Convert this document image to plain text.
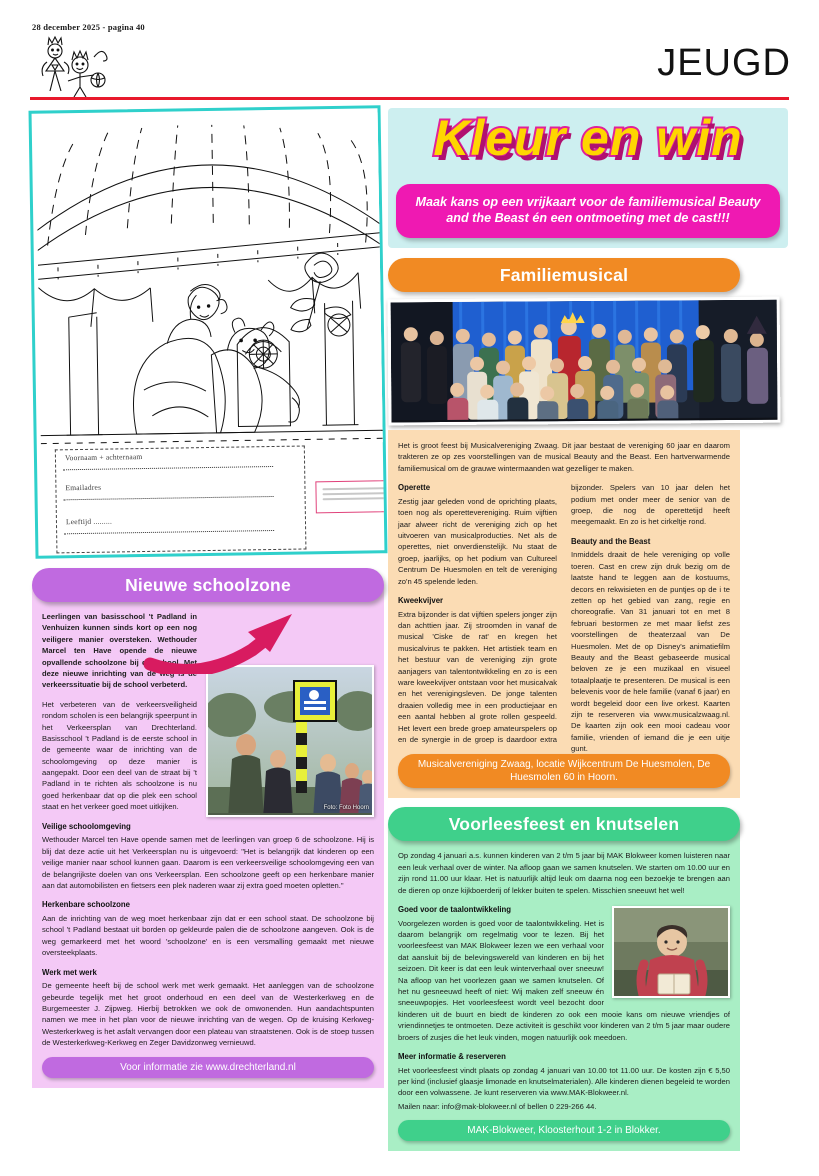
28 december 2025 - pagina 40
JEUGD
Voornaam + achternaam
Emailadres
Leeftijd .........
Nieuwe schoolzone
Foto: Foto Hoorn

Leerlingen van basisschool 't Padland in Venhuizen kunnen sinds kort op een nog veiligere manier oversteken. Wethouder Marcel ten Have opende de nieuwe opvallende schoolzone bij de school. Met deze nieuwe inrichting van de weg is de verkeerssituatie bij de school verbeterd.

Het verbeteren van de verkeersveiligheid rondom scholen is een belangrijk speerpunt in het Verkeersplan van Drechterland. Basisschool 't Padland is de eerste school in de gemeente waar de inrichting van de schoolomgeving op deze manier is aangepakt. Door een deel van de straat bij 't Padland in te richten als schoolzone is nu goed herkenbaar dat op die plek een school staat en het verkeer goed moet uitkijken.

Veilige schoolomgeving

Wethouder Marcel ten Have opende samen met de leerlingen van groep 6 de schoolzone. Hij is blij dat deze actie uit het Verkeersplan nu is uitgevoerd: "Het is belangrijk dat kinderen op een veilige manier naar school kunnen gaan. Daarom is een verkeersveilige schoolomgeving een van de belangrijkste doelen van ons Verkeersplan. Een schoolzone geeft op een herkenbare manier aan dat automobilisten en fietsers een plek naderen waar zij extra goed moeten opletten."

Herkenbare schoolzone

Aan de inrichting van de weg moet herkenbaar zijn dat er een school staat. De schoolzone bij school 't Padland bestaat uit borden op gekleurde palen die de schoolzone aangeven. Ook is de weg gemarkeerd met het woord 'schoolzone' en is een versmalling gemaakt met nieuwe oversteekplaats.

Werk met werk

De gemeente heeft bij de school werk met werk gemaakt. Het aanleggen van de schoolzone gebeurde tegelijk met het groot onderhoud en een deel van de Westerkerkweg en de Burgemeester J. Zijpweg. Hierbij betrokken we ook de omwonenden. Hun aandachtspunten namen we mee in het plan voor de nieuwe inrichting van de wegen. Op de kruising Kerkweg-Westerkerkweg is het asfalt vervangen door een plateau van straatstenen. Ook is de stoep tussen de Westerkerkweg-Kerkweg en Zeger Davidzonweg vernieuwd.

Voor informatie zie www.drechterland.nl
Kleur en win
Maak kans op een vrijkaart voor de familiemusical Beauty and the Beast én een ontmoeting met de cast!!!
Familiemusical

Het is groot feest bij Musicalvereniging Zwaag. Dit jaar bestaat de vereniging 60 jaar en daarom trakteren ze op zes voorstellingen van de musical Beauty and the Beast. Een hartverwarmende familiemusical om de grauwe wintermaanden wat gezelliger te maken.

Operette

Zestig jaar geleden vond de oprichting plaats, toen nog als operettevereniging. Ruim vijftien jaar alweer richt de vereniging zich op het uitvoeren van musicalproducties. Net als de operettes, niet onverdienstelijk. Nu staat de groep, jaarlijks, op het podium van Cultureel Centrum De Huesmolen en telt de vereniging zo'n 45 spelende leden.

Kweekvijver

Extra bijzonder is dat vijftien spelers jonger zijn dan achttien jaar. Zij stroomden in vanaf de musical 'Ciske de rat' en kregen het musicalvirus te pakken. Het artistiek team en het bestuur van de vereniging zijn grote aanjagers van talentontwikkeling en zo is een ware kweekvijver ontstaan voor het musicalvak en het verenigingsleven. De jonge talenten draaien volledig mee in een productiejaar en een aantal hebben al grote rollen gespeeld. Het levert een brede groep amateurspelers op en de synergie in de groep is daardoor extra bijzonder. Spelers van 10 jaar delen het podium met onder meer de senior van de groep, die nog de operettetijd heeft meegemaakt. En zo is het cirkeltje rond.

Beauty and the Beast

Inmiddels draait de hele vereniging op volle toeren. Cast en crew zijn druk bezig om de laatste hand te leggen aan de kostuums, decors en rekwisieten en de puntjes op de i te zetten op het gebied van zang, regie en choreografie. Van 31 januari tot en met 8 februari bestormen ze met maar liefst zes voorstellingen de theaterzaal van De Huesmolen. Met de op Disney's animatiefilm Beauty and the Beast gebaseerde musical beloven ze je een muzikaal en visueel totaalplaatje te presenteren. De musical is een belevenis voor de hele familie (vanaf 6 jaar) en wordt begeleid door een live orkest. Kaarten zijn te reserveren via www.musicalzwaag.nl. De kaarten zijn ook een mooi cadeau voor familie, vrienden of iemand die je een uitje gunt.

Musicalvereniging Zwaag, locatie Wijkcentrum De Huesmolen, De Huesmolen 60 in Hoorn.
Voorleesfeest en knutselen

Op zondag 4 januari a.s. kunnen kinderen van 2 t/m 5 jaar bij MAK Blokweer komen luisteren naar een leuk verhaal over de winter. Na afloop gaan we samen knutselen. We starten om 10.00 uur en zijn rond 11.00 uur klaar. Het is natuurlijk altijd leuk om daarna nog een bezoekje te brengen aan de dieren op onze kijkboerderij of lekker buiten te spelen. Misschien sneeuwt het wel!

Goed voor de taalontwikkeling

Voorgelezen worden is goed voor de taalontwikkeling. Het is daarom belangrijk om regelmatig voor te lezen. Bij het voorleesfeest van MAK Blokweer lezen we een verhaal voor dat aansluit bij de belevingswereld van kinderen en bij het seizoen. Dit keer is dat een leuk winterverhaal over sneeuw! Na afloop van het voorlezen gaan we samen knutselen. Of het nu gesneeuwd heeft of niet: Wij maken zelf sneeuw én sneeuwpopjes. Het voorleesfeest wordt veel bezocht door kinderen uit de buurt en biedt de kinderen zo ook een mooie kans om nieuwe vriendjes of vriendinnetjes te ontmoeten. Deze activiteit is geschikt voor kinderen van 2 t/m 5 jaar maar oudere broers of zusjes die het leuk vinden, mogen natuurlijk ook meedoen.

Meer informatie & reserveren

Het voorleesfeest vindt plaats op zondag 4 januari van 10.00 tot 11.00 uur. De kosten zijn € 5,50 per kind (inclusief glaasje limonade en knutselmaterialen). Alle kinderen dienen begeleid te worden door een volwassene. Je kunt reserveren via www.MAK-Blokweer.nl.

Mailen naar: info@mak-blokweer.nl of bellen 0 229-266 44.

MAK-Blokweer, Kloosterhout 1-2 in Blokker.
